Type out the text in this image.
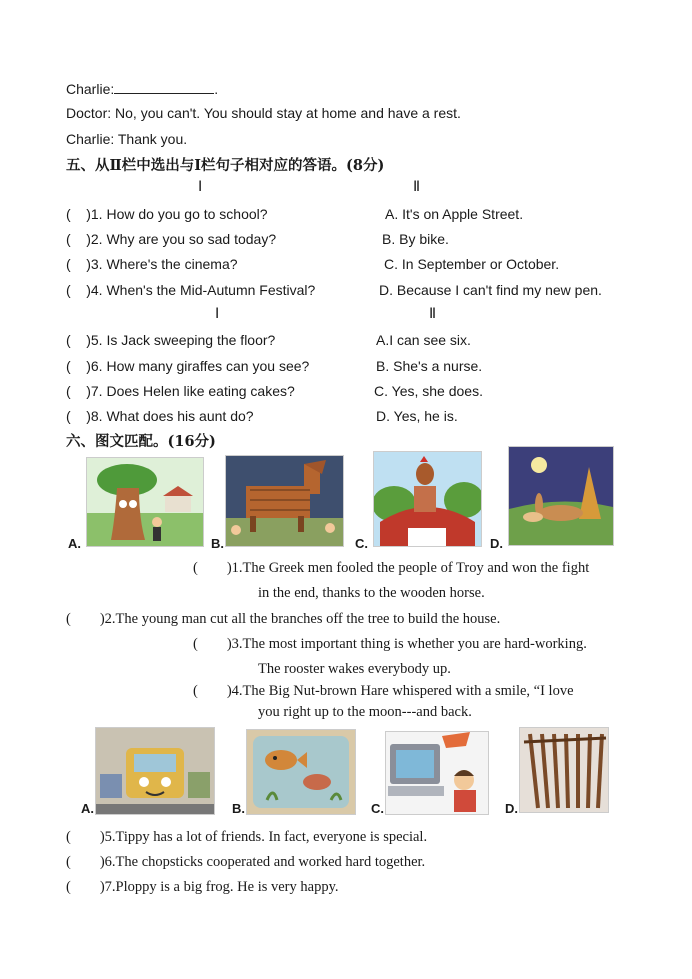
Charlie:	.
Doctor: No, you can't. You should stay at home and have a rest.
Charlie: Thank you.
五、从Ⅱ栏中选出与Ⅰ栏句子相对应的答语。(8分)
Ⅰ	Ⅱ
(    )1. How do you go to school?	A. It's on Apple Street.
(    )2. Why are you so sad today?	B. By bike.
(    )3. Where's the cinema?	C. In September or October.
(    )4. When's the Mid-Autumn Festival?	D. Because I can't find my new pen.
Ⅰ	Ⅱ
(    )5. Is Jack sweeping the floor?	A.I can see six.
(    )6. How many giraffes can you see?	B. She's a nurse.
(    )7. Does Helen like eating cakes?	C. Yes, she does.
(    )8. What does his aunt do?	D. Yes, he is.
六、图文匹配。(16分)
A.	B.	C.	D.
(        )1.The Greek men fooled the people of Troy and won the fight
in the end, thanks to the wooden horse.
(        )2.The young man cut all the branches off the tree to build the house.
(        )3.The most important thing is whether you are hard-working.
The rooster wakes everybody up.
(        )4.The Big Nut-brown Hare whispered with a smile, “I love
you right up to the moon---and back.
A.	B.	C.	D.
(        )5.Tippy has a lot of friends. In fact, everyone is special.
(        )6.The chopsticks cooperated and worked hard together.
(        )7.Ploppy is a big frog. He is very happy.
